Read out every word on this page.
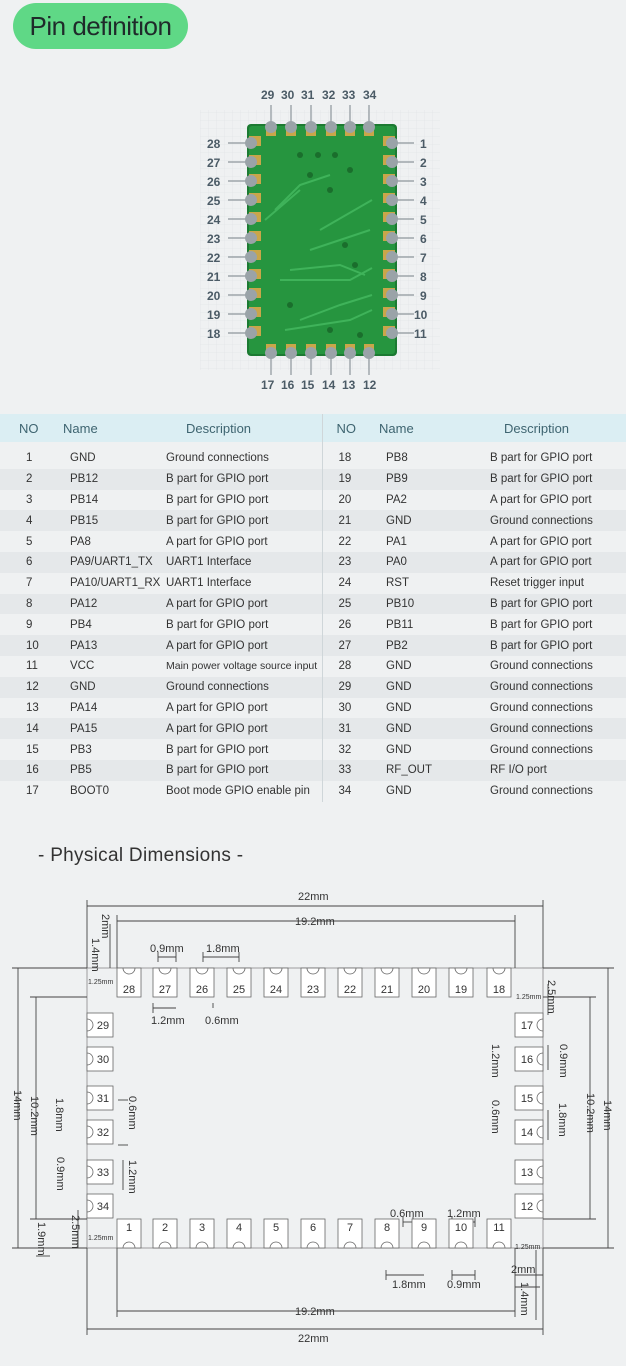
Pin definition
29 30 31 32 33 34
17 16 15 14 13 12
28
27
26
25
24
23
22
21
20
19
18
1
2
3
4
5
6
7
8
9
10
11
NO	Name	Description	NO	Name	Description
1	GND	Ground connections	18	PB8	B part for GPIO port
2	PB12	B part for GPIO port	19	PB9	B part for GPIO port
3	PB14	B part for GPIO port	20	PA2	A part for GPIO port
4	PB15	B part for GPIO port	21	GND	Ground connections
5	PA8	A part for GPIO port	22	PA1	A part for GPIO port
6	PA9/UART1_TX	UART1 Interface	23	PA0	A part for GPIO port
7	PA10/UART1_RX	UART1 Interface	24	RST	Reset trigger input
8	PA12	A part for GPIO port	25	PB10	B part for GPIO port
9	PB4	B part for GPIO port	26	PB11	B part for GPIO port
10	PA13	A part for GPIO port	27	PB2	B part for GPIO port
11	VCC	Main power voltage source input	28	GND	Ground connections
12	GND	Ground connections	29	GND	Ground connections
13	PA14	A part for GPIO port	30	GND	Ground connections
14	PA15	A part for GPIO port	31	GND	Ground connections
15	PB3	B part for GPIO port	32	GND	Ground connections
16	PB5	B part for GPIO port	33	RF_OUT	RF I/O port
17	BOOT0	Boot mode GPIO enable pin	34	GND	Ground connections
- Physical Dimensions -
28 27 26 25 24 23 22 21 20 19 18
1	2	3	4	5	6	7	8	9	10 11
29
30
31
32
33
34
17
16
15
14
13
12
22mm
19.2mm
22mm
19.2mm
0.9mm 1.8mm
1.2mm 0.6mm
0.6mm 1.2mm
1.8mm 0.9mm
2mm
1.25mm
1.25mm
1.25mm
1.25mm
2mm
1.4mm
14mm 10.2mm 1.8mm	0.6mm
0.9mm	1.2mm
2.5mm
1.9mm
2.5mm
0.9mm
1.2mm
1.8mm
0.6mm	10.2mm 14mm
1.4mm
